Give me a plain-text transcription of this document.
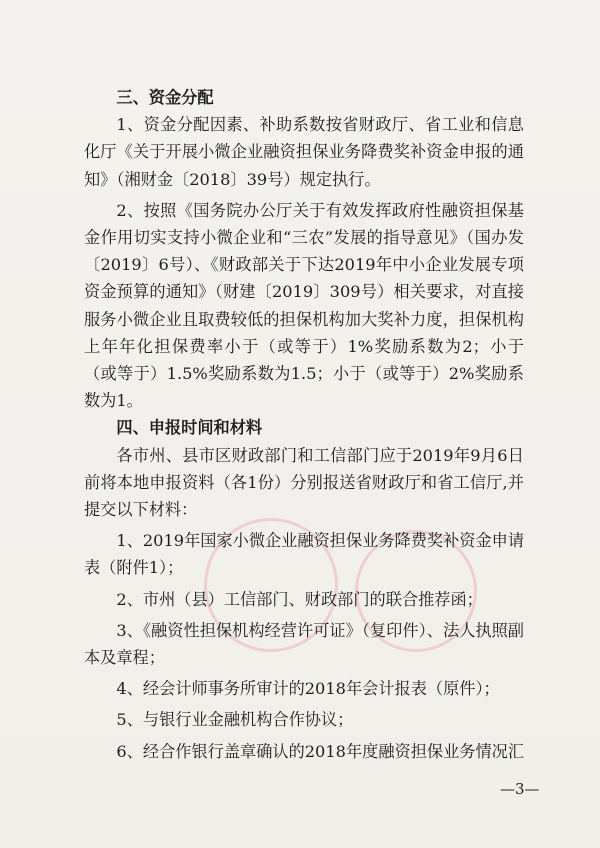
三、资金分配

1、资金分配因素、补助系数按省财政厅、省工业和信息化厅《关于开展小微企业融资担保业务降费奖补资金申报的通知》（湘财金〔2018〕39号）规定执行。

2、按照《国务院办公厅关于有效发挥政府性融资担保基金作用切实支持小微企业和“三农”发展的指导意见》（国办发〔2019〕6号）、《财政部关于下达2019年中小企业发展专项资金预算的通知》（财建〔2019〕309号）相关要求，对直接服务小微企业且取费较低的担保机构加大奖补力度，担保机构上年年化担保费率小于（或等于）1%奖励系数为2；小于（或等于）1.5%奖励系数为1.5；小于（或等于）2%奖励系数为1。

四、申报时间和材料

各市州、县市区财政部门和工信部门应于2019年9月6日前将本地申报资料（各1份）分别报送省财政厅和省工信厅,并提交以下材料：

1、2019年国家小微企业融资担保业务降费奖补资金申请表（附件1）；

2、市州（县）工信部门、财政部门的联合推荐函；

3、《融资性担保机构经营许可证》（复印件）、法人执照副本及章程；

4、经会计师事务所审计的2018年会计报表（原件）；

5、与银行业金融机构合作协议；

6、经合作银行盖章确认的2018年度融资担保业务情况汇

—3—
